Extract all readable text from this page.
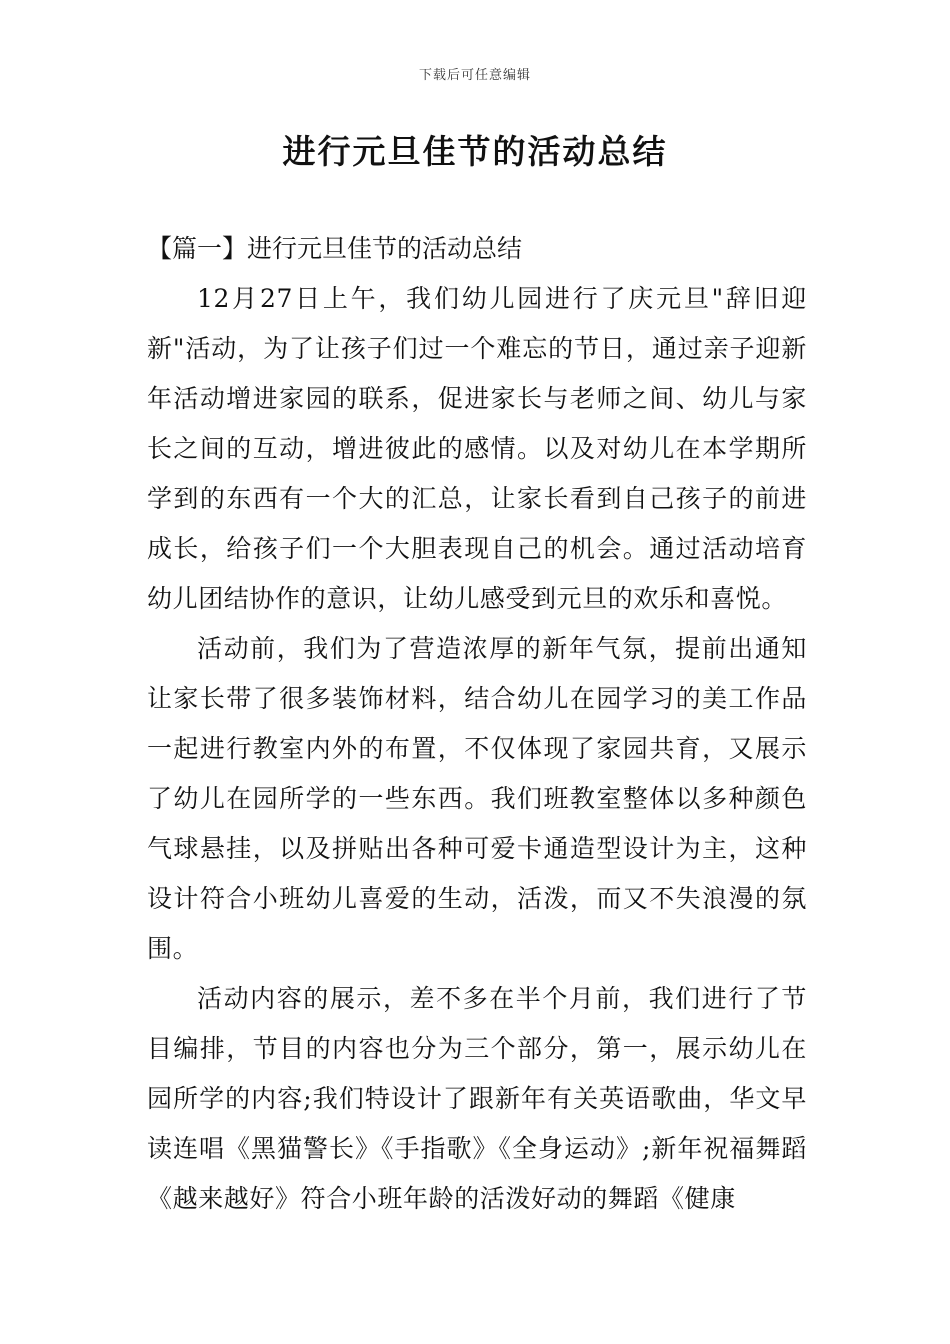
下载后可任意编辑
进行元旦佳节的活动总结

【篇一】进行元旦佳节的活动总结

12月27日上午，我们幼儿园进行了庆元旦"辞旧迎新"活动，为了让孩子们过一个难忘的节日，通过亲子迎新年活动增进家园的联系，促进家长与老师之间、幼儿与家长之间的互动，增进彼此的感情。以及对幼儿在本学期所学到的东西有一个大的汇总，让家长看到自己孩子的前进成长，给孩子们一个大胆表现自己的机会。通过活动培育幼儿团结协作的意识，让幼儿感受到元旦的欢乐和喜悦。

活动前，我们为了营造浓厚的新年气氛，提前出通知让家长带了很多装饰材料，结合幼儿在园学习的美工作品一起进行教室内外的布置，不仅体现了家园共育，又展示了幼儿在园所学的一些东西。我们班教室整体以多种颜色气球悬挂，以及拼贴出各种可爱卡通造型设计为主，这种设计符合小班幼儿喜爱的生动，活泼，而又不失浪漫的氛围。

活动内容的展示，差不多在半个月前，我们进行了节目编排，节目的内容也分为三个部分，第一，展示幼儿在园所学的内容;我们特设计了跟新年有关英语歌曲，华文早读连唱《黑猫警长》《手指歌》《全身运动》;新年祝福舞蹈《越来越好》符合小班年龄的活泼好动的舞蹈《健康
